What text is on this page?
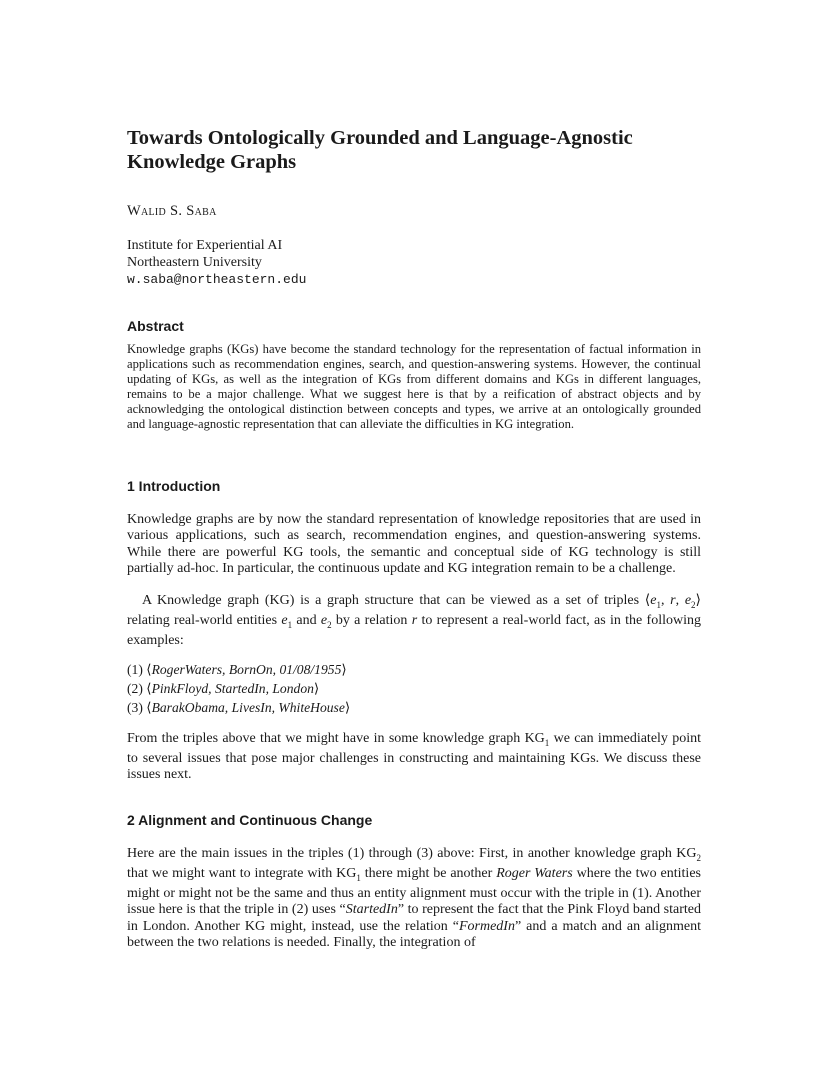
Towards Ontologically Grounded and Language-Agnostic Knowledge Graphs
Walid S. Saba
Institute for Experiential AI
Northeastern University
w.saba@northeastern.edu
Abstract

Knowledge graphs (KGs) have become the standard technology for the representation of factual information in applications such as recommendation engines, search, and question-answering systems. However, the continual updating of KGs, as well as the integration of KGs from different domains and KGs in different languages, remains to be a major challenge. What we suggest here is that by a reification of abstract objects and by acknowledging the ontological distinction between concepts and types, we arrive at an ontologically grounded and language-agnostic representation that can alleviate the difficulties in KG integration.

1 Introduction

Knowledge graphs are by now the standard representation of knowledge repositories that are used in various applications, such as search, recommendation engines, and question-answering systems. While there are powerful KG tools, the semantic and conceptual side of KG technology is still partially ad-hoc. In particular, the continuous update and KG integration remain to be a challenge.

A Knowledge graph (KG) is a graph structure that can be viewed as a set of triples $⟨e_1$, r, $e_2⟩$ relating real-world entities $e_1$ and $e_2$ by a relation r to represent a real-world fact, as in the following examples:

(1) ⟨RogerWaters, BornOn, 01/08/1955⟩
(2) ⟨PinkFloyd, StartedIn, London⟩
(3) ⟨BarakObama, LivesIn, WhiteHouse⟩

From the triples above that we might have in some knowledge graph $KG_1$ we can immediately point to several issues that pose major challenges in constructing and maintaining KGs. We discuss these issues next.

2 Alignment and Continuous Change

Here are the main issues in the triples (1) through (3) above: First, in another knowledge graph $KG_2$ that we might want to integrate with $KG_1$ there might be another Roger Waters where the two entities might or might not be the same and thus an entity alignment must occur with the triple in (1). Another issue here is that the triple in (2) uses “StartedIn” to represent the fact that the Pink Floyd band started in London. Another KG might, instead, use the relation “FormedIn” and a match and an alignment between the two relations is needed. Finally, the integration of
